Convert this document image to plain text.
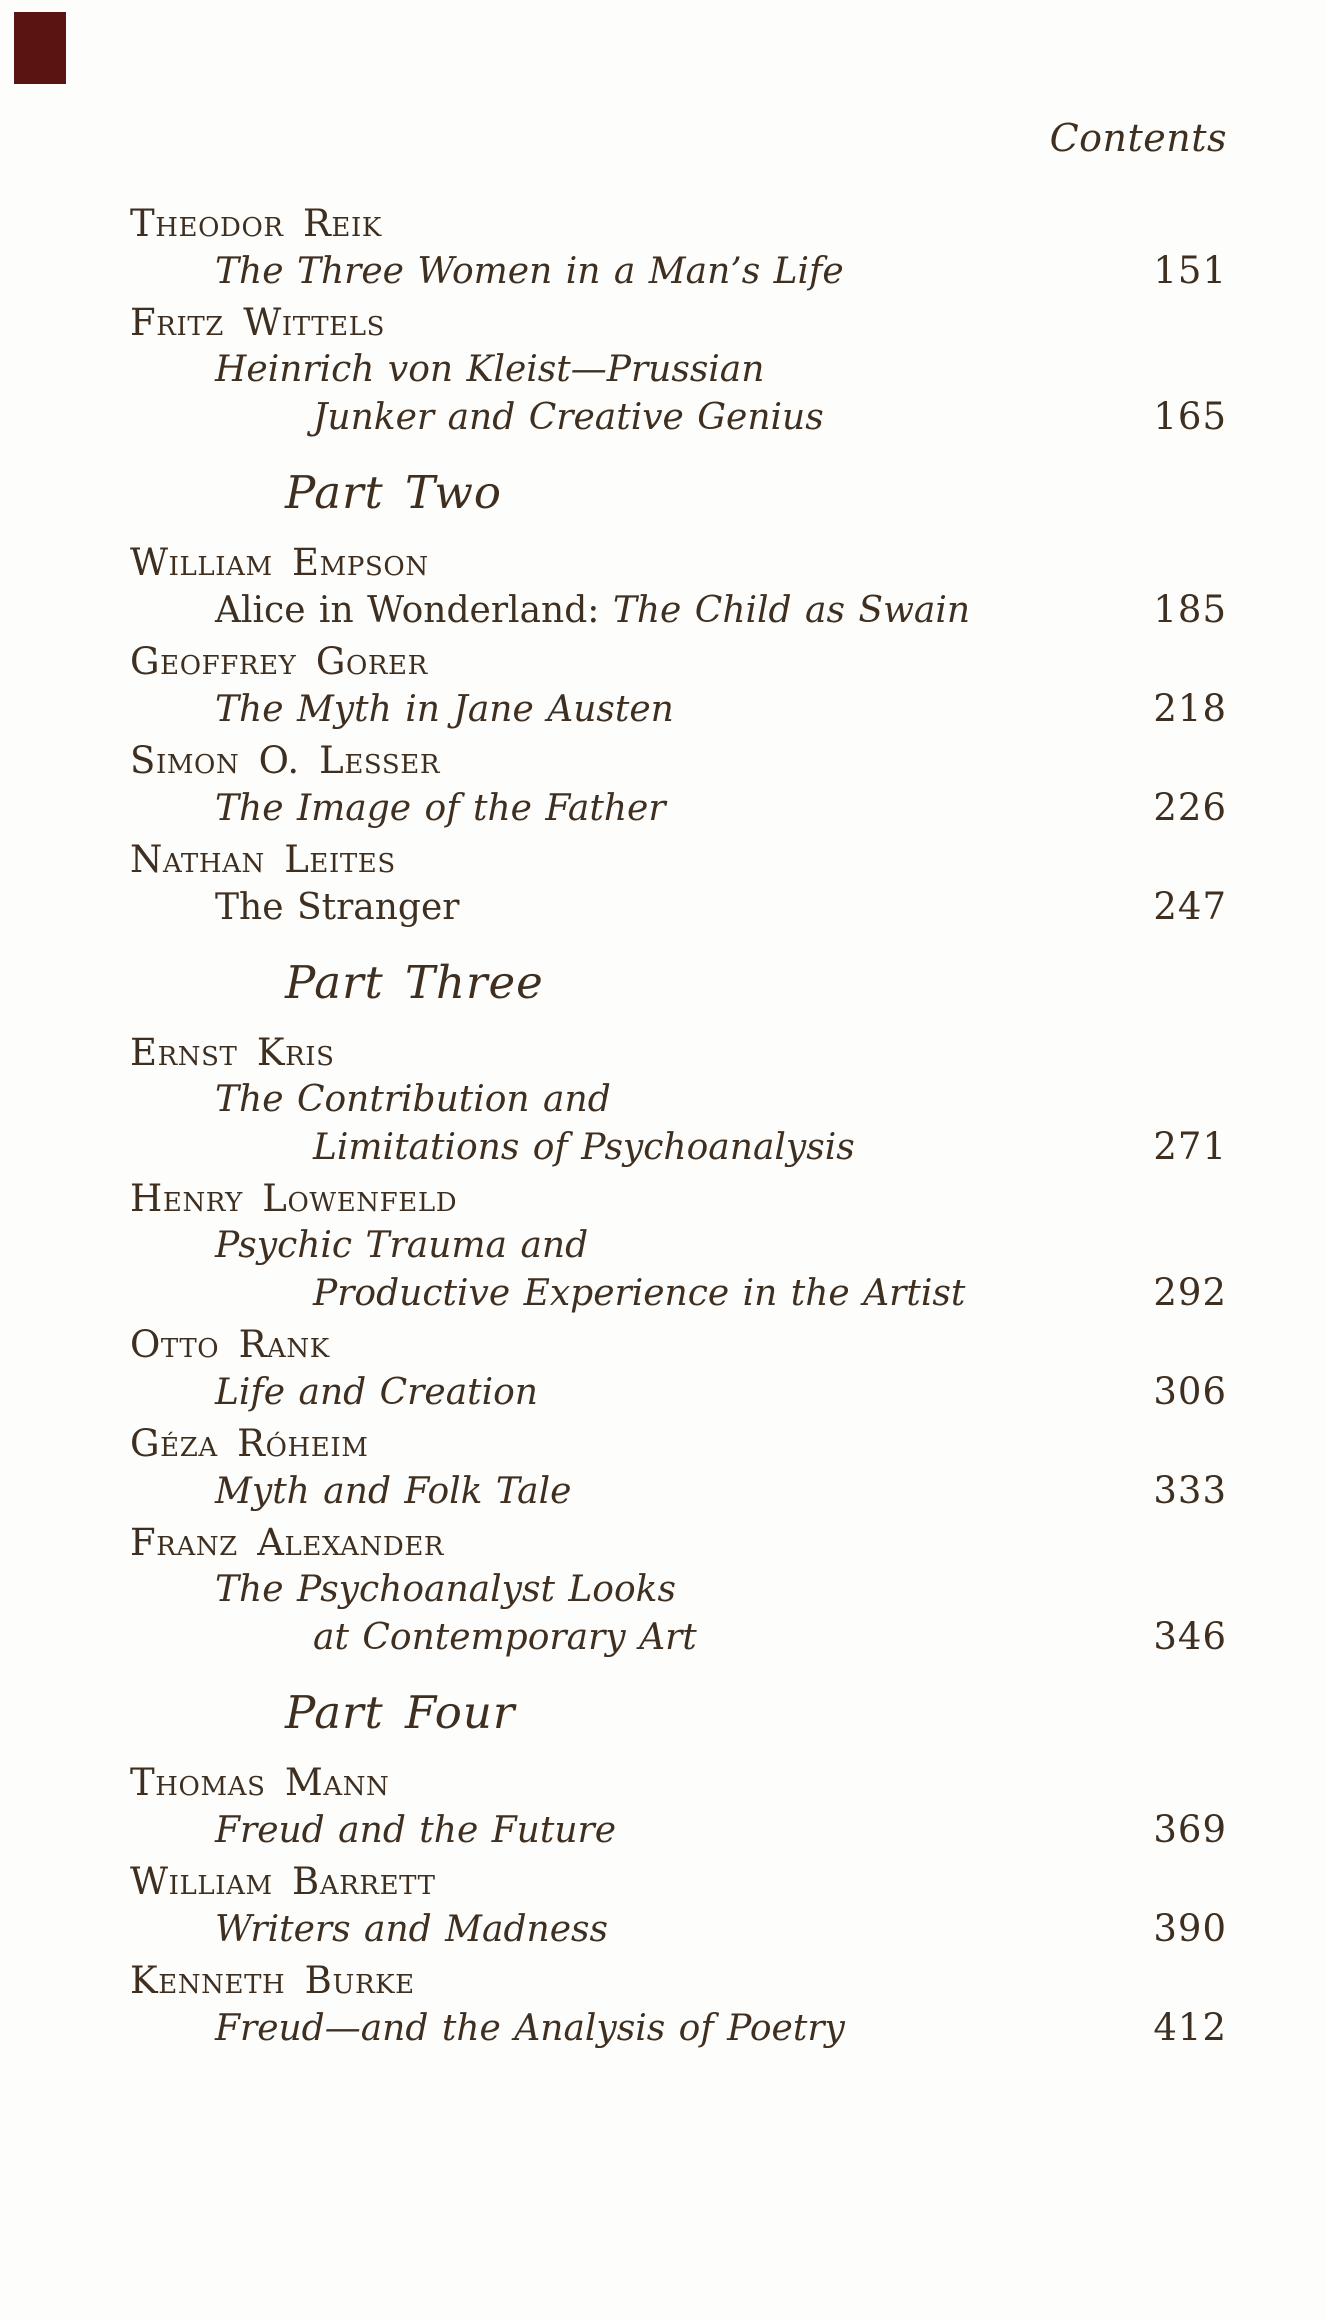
Contents
Theodor Reik
The Three Women in a Man’s Life	151
Fritz Wittels
Heinrich von Kleist—Prussian
Junker and Creative Genius	165
Part Two
William Empson
Alice in Wonderland: The Child as Swain	185
Geoffrey Gorer
The Myth in Jane Austen	218
Simon O. Lesser
The Image of the Father	226
Nathan Leites
The Stranger	247
Part Three
Ernst Kris
The Contribution and
Limitations of Psychoanalysis	271
Henry Lowenfeld
Psychic Trauma and
Productive Experience in the Artist	292
Otto Rank
Life and Creation	306
Géza Róheim
Myth and Folk Tale	333
Franz Alexander
The Psychoanalyst Looks
at Contemporary Art	346
Part Four
Thomas Mann
Freud and the Future	369
William Barrett
Writers and Madness	390
Kenneth Burke
Freud—and the Analysis of Poetry	412
